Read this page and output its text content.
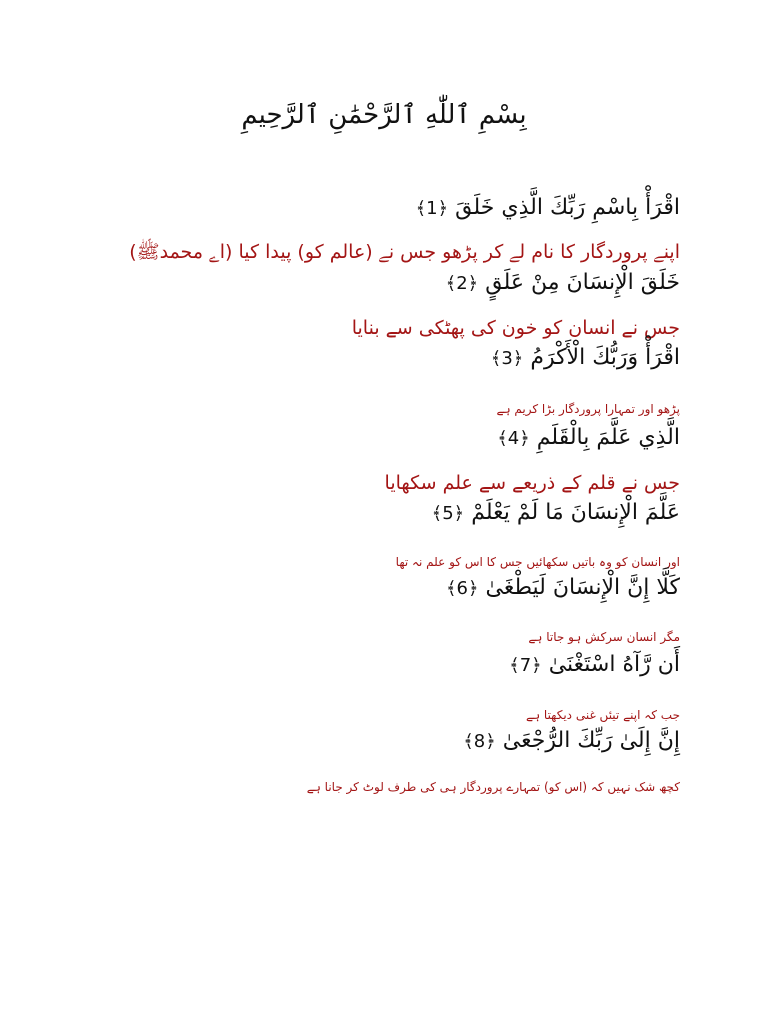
بِسْمِ ٱللّٰهِ ٱلرَّحْمَٰنِ ٱلرَّحِيمِ
اقْرَأْ بِاسْمِ رَبِّكَ الَّذِي خَلَقَ ﴿1﴾
اپنے پروردگار کا نام لے کر پڑھو جس نے (عالم کو) پیدا کیا (اے محمدﷺ)
خَلَقَ الْإِنسَانَ مِنْ عَلَقٍ ﴿2﴾
جس نے انسان کو خون کی پھٹکی سے بنایا
اقْرَأْ وَرَبُّكَ الْأَكْرَمُ ﴿3﴾
پڑھو اور تمہارا پروردگار بڑا کریم ہے
الَّذِي عَلَّمَ بِالْقَلَمِ ﴿4﴾
جس نے قلم کے ذریعے سے علم سکھایا
عَلَّمَ الْإِنسَانَ مَا لَمْ يَعْلَمْ ﴿5﴾
اور انسان کو وہ باتیں سکھائیں جس کا اس کو علم نہ تھا
كَلَّا إِنَّ الْإِنسَانَ لَيَطْغَىٰ ﴿6﴾
مگر انسان سرکش ہو جاتا ہے
أَن رَّآهُ اسْتَغْنَىٰ ﴿7﴾
جب کہ اپنے تیئں غنی دیکھتا ہے
إِنَّ إِلَىٰ رَبِّكَ الرُّجْعَىٰ ﴿8﴾
کچھ شک نہیں کہ (اس کو) تمہارے پروردگار ہی کی طرف لوٹ کر جانا ہے
